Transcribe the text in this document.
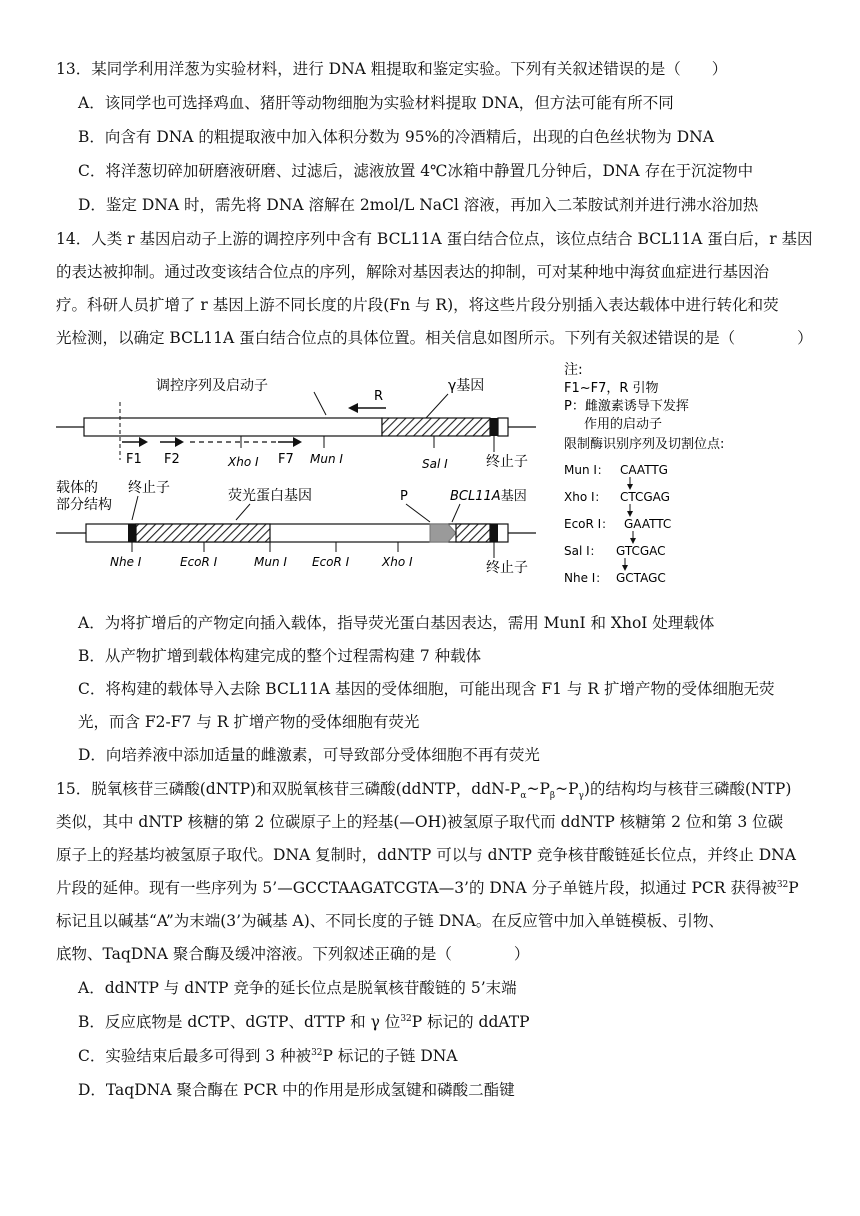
13．某同学利用洋葱为实验材料，进行 DNA 粗提取和鉴定实验。下列有关叙述错误的是（　　）
A．该同学也可选择鸡血、猪肝等动物细胞为实验材料提取 DNA，但方法可能有所不同
B．向含有 DNA 的粗提取液中加入体积分数为 95%的冷酒精后，出现的白色丝状物为 DNA
C．将洋葱切碎加研磨液研磨、过滤后，滤液放置 4℃冰箱中静置几分钟后，DNA 存在于沉淀物中
D．鉴定 DNA 时，需先将 DNA 溶解在 2mol/L NaCl 溶液，再加入二苯胺试剂并进行沸水浴加热
14．人类 r 基因启动子上游的调控序列中含有 BCL11A 蛋白结合位点，该位点结合 BCL11A 蛋白后，r 基因
的表达被抑制。通过改变该结合位点的序列，解除对基因表达的抑制，可对某种地中海贫血症进行基因治
疗。科研人员扩增了 r 基因上游不同长度的片段(Fn 与 R)，将这些片段分别插入表达载体中进行转化和荧
光检测，以确定 BCL11A 蛋白结合位点的具体位置。相关信息如图所示。下列有关叙述错误的是（　　　　）
调控序列及启动子
R
γ基因
F1 F2	Xho I F7 Mun I	Sal I	终止子
载体的
部分结构
终止子	荧光蛋白基因	P	BCL11A基因
Nhe I	EcoR I	Mun I EcoR I	Xho I	终止子
注:
F1~F7，R 引物
P：雌激素诱导下发挥
作用的启动子
限制酶识别序列及切割位点:
Mun I： CAATTG
Xho I： CTCGAG
EcoR I： GAATTC
Sal I： GTCGAC
Nhe I： GCTAGC
A．为将扩增后的产物定向插入载体，指导荧光蛋白基因表达，需用 MunI 和 XhoI 处理载体
B．从产物扩增到载体构建完成的整个过程需构建 7 种载体
C．将构建的载体导入去除 BCL11A 基因的受体细胞，可能出现含 F1 与 R 扩增产物的受体细胞无荧
光，而含 F2-F7 与 R 扩增产物的受体细胞有荧光
D．向培养液中添加适量的雌激素，可导致部分受体细胞不再有荧光
15．脱氧核苷三磷酸(dNTP)和双脱氧核苷三磷酸(ddNTP，ddN-$P_\alpha\sim P_\beta\sim P_\gamma$)的结构均与核苷三磷酸(NTP)
类似，其中 dNTP 核糖的第 2 位碳原子上的羟基(—OH)被氢原子取代而 ddNTP 核糖第 2 位和第 3 位碳
原子上的羟基均被氢原子取代。DNA 复制时，ddNTP 可以与 dNTP 竞争核苷酸链延长位点，并终止 DNA
片段的延伸。现有一些序列为 5’—GCCTAAGATCGTA—3’的 DNA 分子单链片段，拟通过 PCR 获得被$^{32}$P
标记且以碱基“A”为末端(3’为碱基 A)、不同长度的子链 DNA。在反应管中加入单链模板、引物、
底物、TaqDNA 聚合酶及缓冲溶液。下列叙述正确的是（　　　　）
A．ddNTP 与 dNTP 竞争的延长位点是脱氧核苷酸链的 5’末端
B．反应底物是 dCTP、dGTP、dTTP 和 γ 位$^{32}$P 标记的 ddATP
C．实验结束后最多可得到 3 种被$^{32}$P 标记的子链 DNA
D．TaqDNA 聚合酶在 PCR 中的作用是形成氢键和磷酸二酯键
